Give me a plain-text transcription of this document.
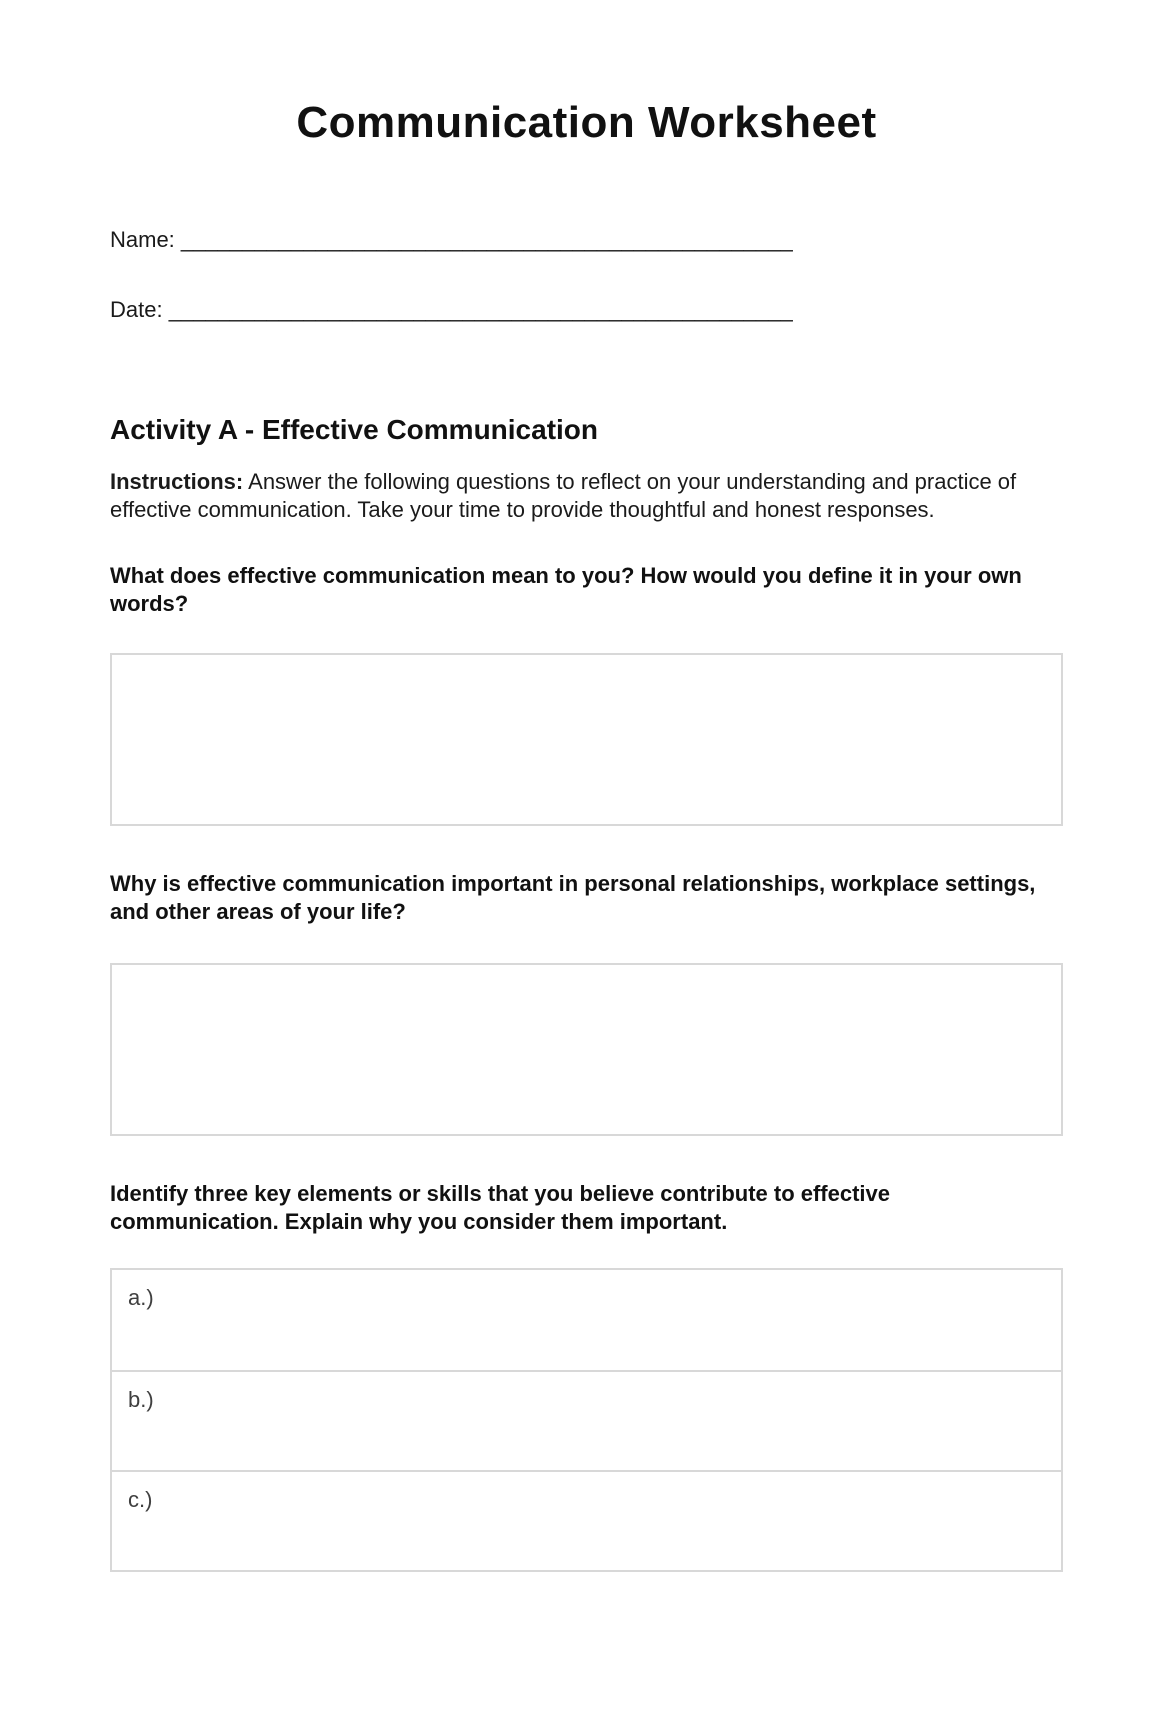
Communication Worksheet
Name: __________________________________________________
Date: ___________________________________________________
Activity A - Effective Communication

Instructions: Answer the following questions to reflect on your understanding and practice of effective communication. Take your time to provide thoughtful and honest responses.

What does effective communication mean to you? How would you define it in your own words?

Why is effective communication important in personal relationships, workplace settings, and other areas of your life?

Identify three key elements or skills that you believe contribute to effective communication. Explain why you consider them important.

a.)
b.)
c.)
